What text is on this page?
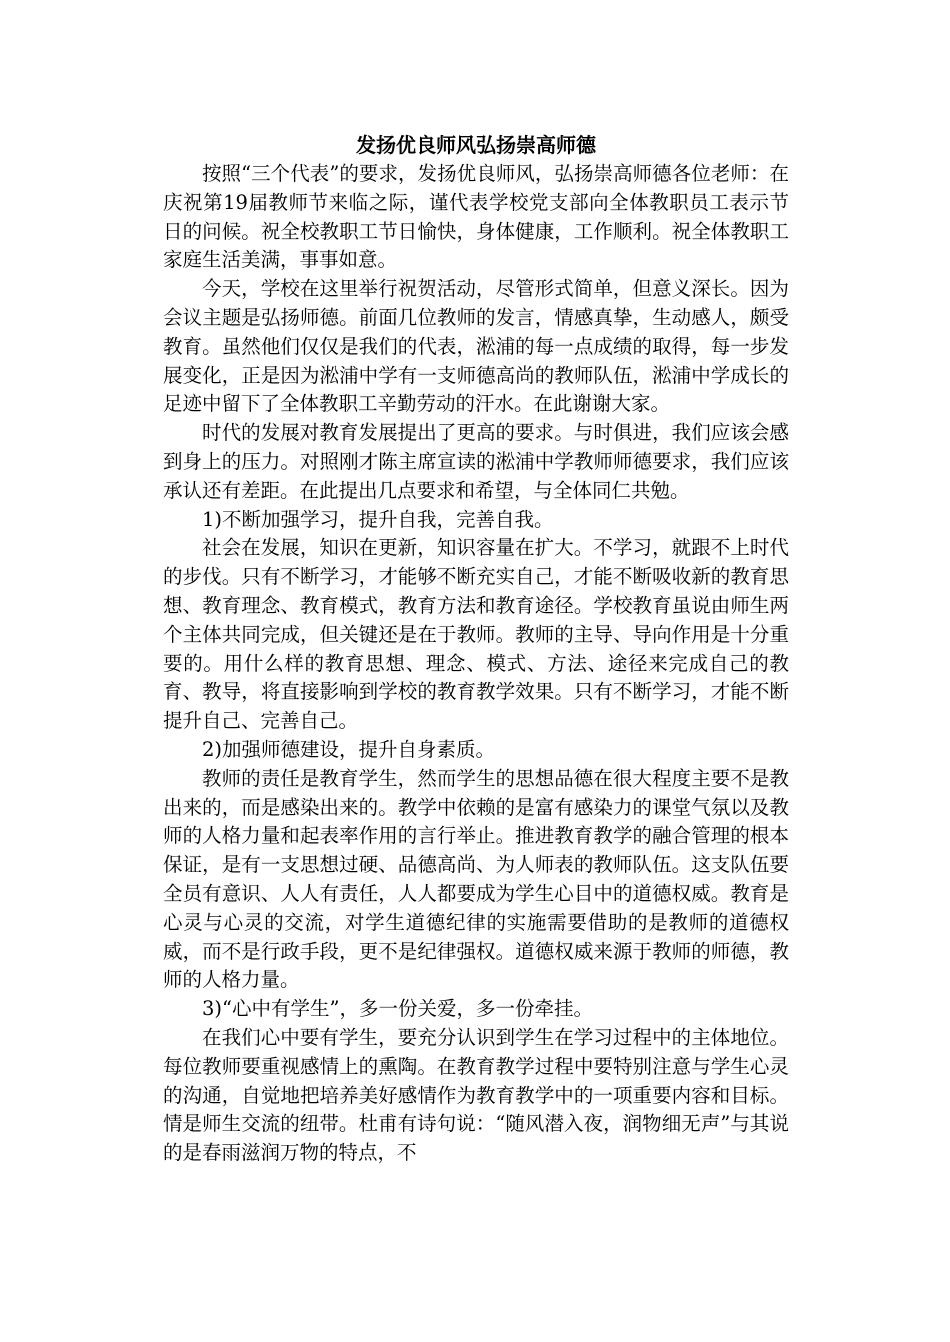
发扬优良师风弘扬崇高师德

按照“三个代表”的要求，发扬优良师风，弘扬崇高师德各位老师：在庆祝第19届教师节来临之际，谨代表学校党支部向全体教职员工表示节日的问候。祝全校教职工节日愉快，身体健康，工作顺利。祝全体教职工家庭生活美满，事事如意。

今天，学校在这里举行祝贺活动，尽管形式简单，但意义深长。因为会议主题是弘扬师德。前面几位教师的发言，情感真挚，生动感人，颇受教育。虽然他们仅仅是我们的代表，淞浦的每一点成绩的取得，每一步发展变化，正是因为淞浦中学有一支师德高尚的教师队伍，淞浦中学成长的足迹中留下了全体教职工辛勤劳动的汗水。在此谢谢大家。

时代的发展对教育发展提出了更高的要求。与时俱进，我们应该会感到身上的压力。对照刚才陈主席宣读的淞浦中学教师师德要求，我们应该承认还有差距。在此提出几点要求和希望，与全体同仁共勉。

1)不断加强学习，提升自我，完善自我。

社会在发展，知识在更新，知识容量在扩大。不学习，就跟不上时代的步伐。只有不断学习，才能够不断充实自己，才能不断吸收新的教育思想、教育理念、教育模式，教育方法和教育途径。学校教育虽说由师生两个主体共同完成，但关键还是在于教师。教师的主导、导向作用是十分重要的。用什么样的教育思想、理念、模式、方法、途径来完成自己的教育、教导，将直接影响到学校的教育教学效果。只有不断学习，才能不断提升自己、完善自己。

2)加强师德建设，提升自身素质。

教师的责任是教育学生，然而学生的思想品德在很大程度主要不是教出来的，而是感染出来的。教学中依赖的是富有感染力的课堂气氛以及教师的人格力量和起表率作用的言行举止。推进教育教学的融合管理的根本保证，是有一支思想过硬、品德高尚、为人师表的教师队伍。这支队伍要全员有意识、人人有责任，人人都要成为学生心目中的道德权威。教育是心灵与心灵的交流，对学生道德纪律的实施需要借助的是教师的道德权威，而不是行政手段，更不是纪律强权。道德权威来源于教师的师德，教师的人格力量。

3)“心中有学生”，多一份关爱，多一份牵挂。

在我们心中要有学生，要充分认识到学生在学习过程中的主体地位。每位教师要重视感情上的熏陶。在教育教学过程中要特别注意与学生心灵的沟通，自觉地把培养美好感情作为教育教学中的一项重要内容和目标。情是师生交流的纽带。杜甫有诗句说：“随风潜入夜，润物细无声”与其说的是春雨滋润万物的特点，不
